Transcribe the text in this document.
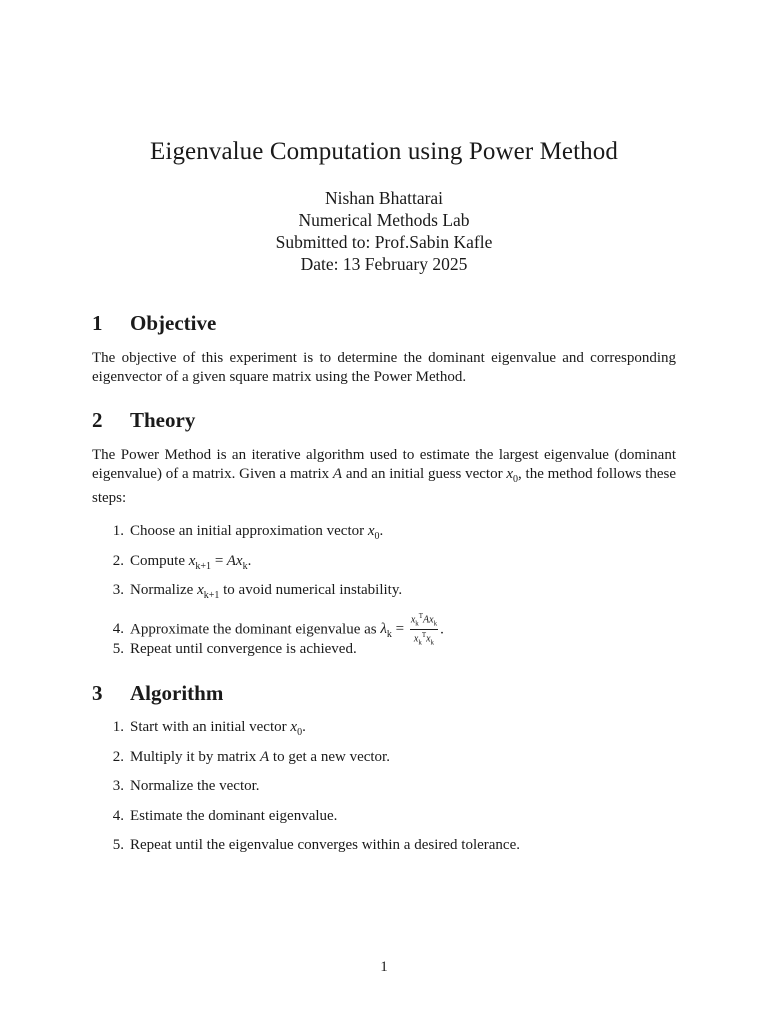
Eigenvalue Computation using Power Method
Nishan Bhattarai
Numerical Methods Lab
Submitted to: Prof.Sabin Kafle
Date: 13 February 2025
1	Objective

The objective of this experiment is to determine the dominant eigenvalue and corresponding eigenvector of a given square matrix using the Power Method.

2	Theory

The Power Method is an iterative algorithm used to estimate the largest eigenvalue (dominant eigenvalue) of a matrix. Given a matrix A and an initial guess vector $x_0$, the method follows these steps:

1. Choose an initial approximation vector $x_0$.
2. Compute $x_{k+1} = Ax_k$.
3. Normalize $x_{k+1}$ to avoid numerical instability.
4. Approximate the dominant eigenvalue as $\lambda_k = \frac{x_k^TAx_k}{x_k^Tx_k}$ .
5. Repeat until convergence is achieved.
3	Algorithm
1. Start with an initial vector $x_0$.
2. Multiply it by matrix A to get a new vector.
3. Normalize the vector.
4. Estimate the dominant eigenvalue.
5. Repeat until the eigenvalue converges within a desired tolerance.
1
